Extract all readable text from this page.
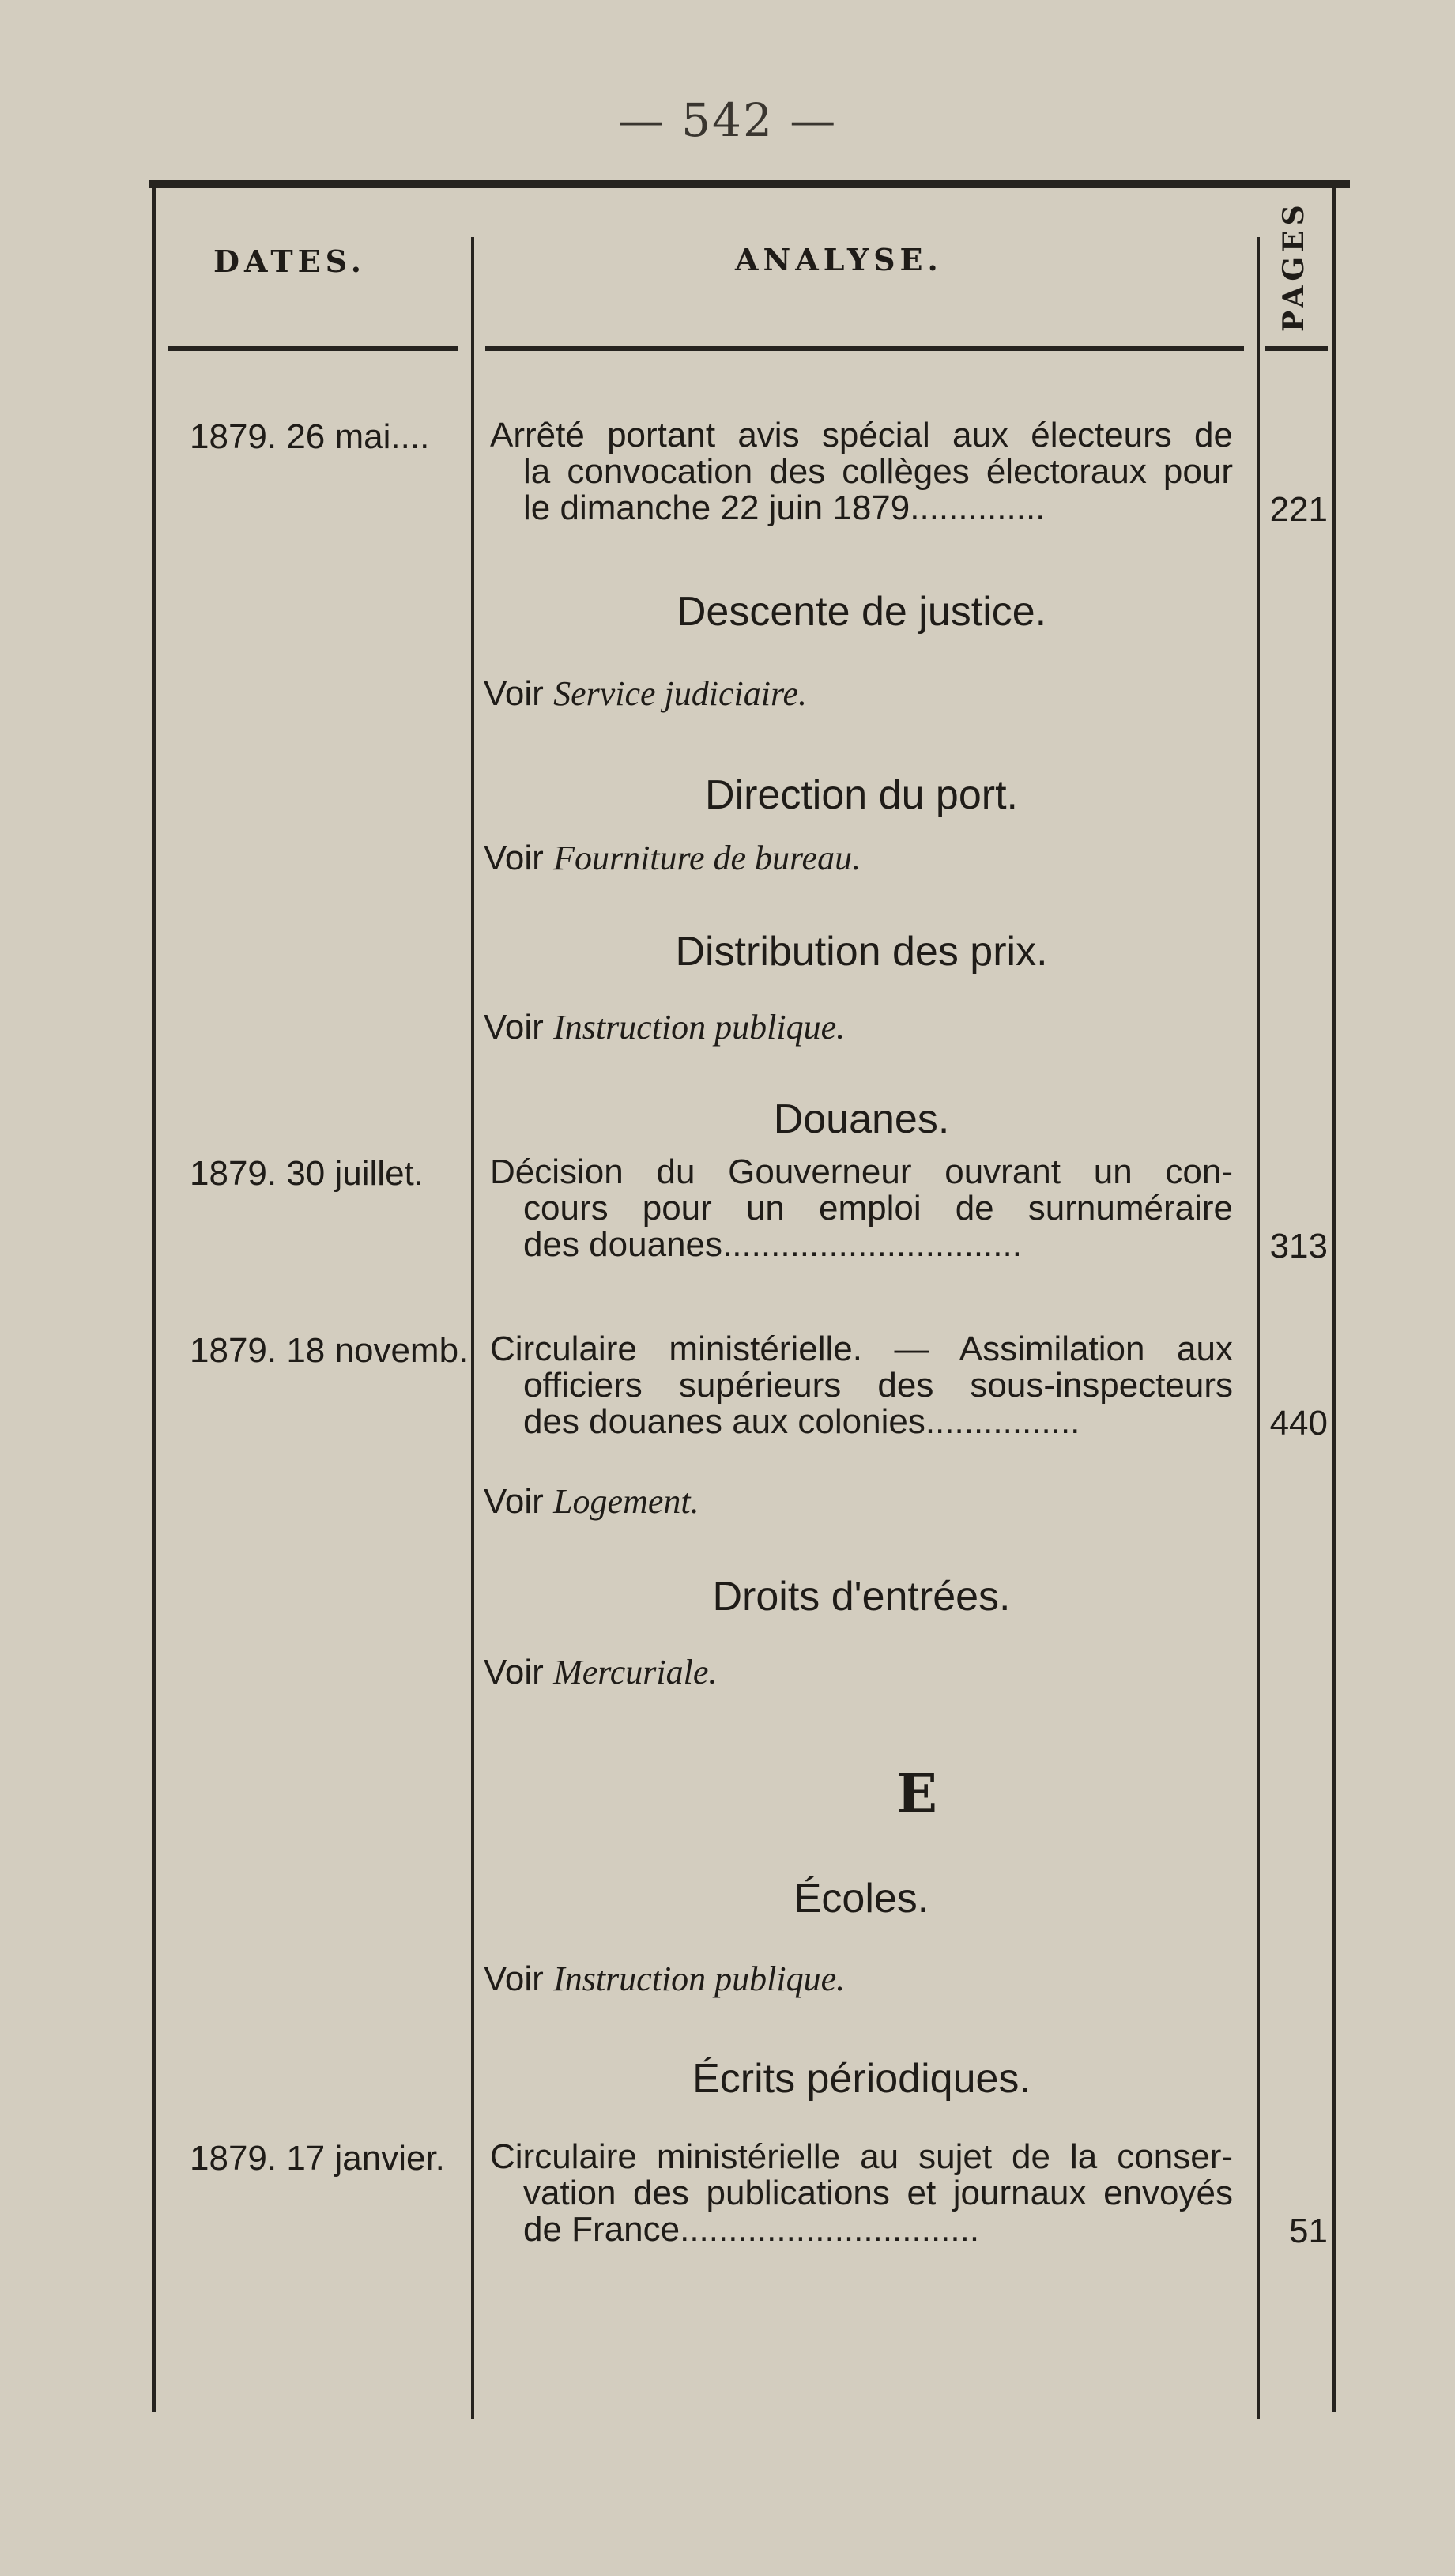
— 542 —
DATES.	ANALYSE.	PAGES
1879. 26 mai.... Arrêté portant avis spécial aux électeurs de
la convocation des collèges électoraux pour
le dimanche 22 juin 1879..............	221
Descente de justice.
Voir Service judiciaire.
Direction du port.
Voir Fourniture de bureau.
Distribution des prix.
Voir Instruction publique.
Douanes.
1879. 30 juillet. Décision du Gouverneur ouvrant un con-
cours pour un emploi de surnuméraire
des douanes...............................	313
1879. 18 novemb. Circulaire ministérielle. — Assimilation aux
officiers supérieurs des sous-inspecteurs
des douanes aux colonies................	440
Voir Logement.
Droits d'entrées.
Voir Mercuriale.
E
Écoles.
Voir Instruction publique.
Écrits périodiques.
1879. 17 janvier. Circulaire ministérielle au sujet de la conser-
vation des publications et journaux envoyés
de France...............................	51
